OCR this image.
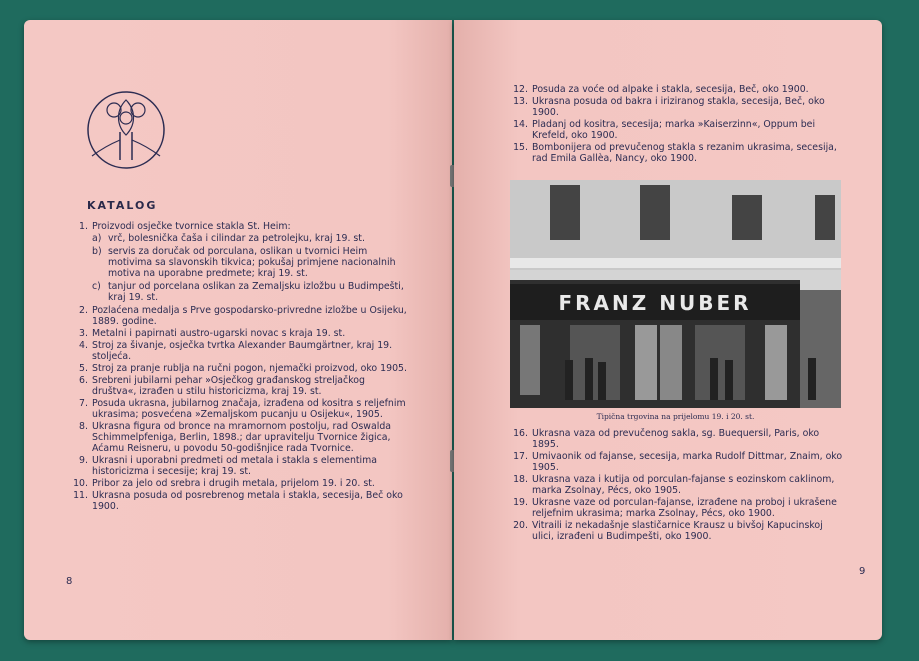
KATALOG
1. Proizvodi osječke tvornice stakla St. Heim:
a) vrč, bolesnička čaša i cilindar za petrolejku, kraj 19. st.
b) servis za doručak od porculana, oslikan u tvornici Heim motivima sa slavonskih tikvica; pokušaj primjene nacionalnih motiva na uporabne predmete; kraj 19. st.
c) tanjur od porcelana oslikan za Zemaljsku izložbu u Budimpešti, kraj 19. st.
2. Pozlaćena medalja s Prve gospodarsko-privredne izložbe u Osijeku, 1889. godine.
3. Metalni i papirnati austro-ugarski novac s kraja 19. st.
4. Stroj za šivanje, osječka tvrtka Alexander Baumgärtner, kraj 19. stoljeća.
5. Stroj za pranje rublja na ručni pogon, njemački proizvod, oko 1905.
6. Srebreni jubilarni pehar »Osječkog građanskog streljačkog društva«, izrađen u stilu historicizma, kraj 19. st.
7. Posuda ukrasna, jubilarnog značaja, izrađena od kositra s reljefnim ukrasima; posvećena »Zemaljskom pucanju u Osijeku«, 1905.
8. Ukrasna figura od bronce na mramornom postolju, rad Oswalda Schimmelpfeniga, Berlin, 1898.; dar upravitelju Tvornice žigica, Aćamu Reisneru, u povodu 50-godišnjice rada Tvornice.
9. Ukrasni i uporabni predmeti od metala i stakla s elementima historicizma i secesije; kraj 19. st.
10. Pribor za jelo od srebra i drugih metala, prijelom 19. i 20. st.
11. Ukrasna posuda od posrebrenog metala i stakla, secesija, Beč oko 1900.
8
12. Posuda za voće od alpake i stakla, secesija, Beč, oko 1900.
13. Ukrasna posuda od bakra i iriziranog stakla, secesija, Beč, oko 1900.
14. Pladanj od kositra, secesija; marka »Kaiserzinn«, Oppum bei Krefeld, oko 1900.
15. Bombonijera od prevučenog stakla s rezanim ukrasima, secesija, rad Emila Gallèa, Nancy, oko 1900.
FRANZ NUBER
Tipična trgovina na prijelomu 19. i 20. st.
16. Ukrasna vaza od prevučenog sakla, sg. Buequersil, Paris, oko 1895.
17. Umivaonik od fajanse, secesija, marka Rudolf Dittmar, Znaim, oko 1905.
18. Ukrasna vaza i kutija od porculan-fajanse s eozinskom caklinom, marka Zsolnay, Pécs, oko 1905.
19. Ukrasne vaze od porculan-fajanse, izrađene na proboj i ukrašene reljefnim ukrasima; marka Zsolnay, Pécs, oko 1900.
20. Vitraili iz nekadašnje slastičarnice Krausz u bivšoj Kapucinskoj ulici, izrađeni u Budimpešti, oko 1900.
9
